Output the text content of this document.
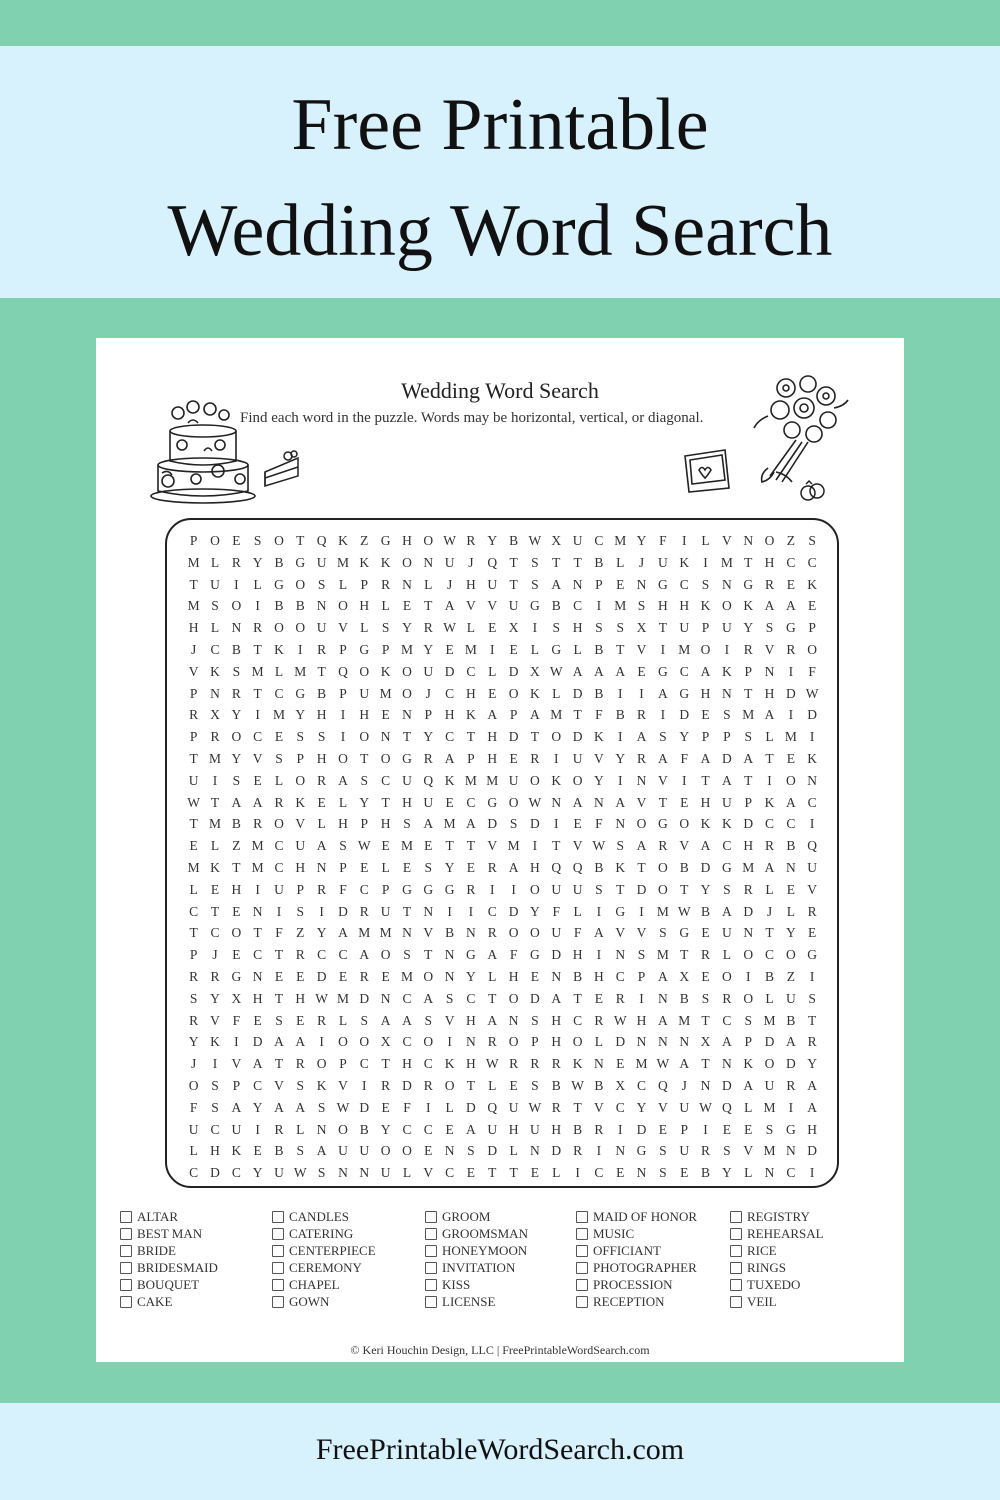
Free Printable
Wedding Word Search
Wedding Word Search
Find each word in the puzzle. Words may be horizontal, vertical, or diagonal.
P O E S O T Q K Z G H O W R Y B W X U C M Y F	I	L V N O Z S
M L R Y B G U M K K O N U	J	Q T S T T B L	J	U K	I M T H C C
T U	I	L G O S L P R N L	J	H U T S A N P E N G C S N G R E K
M S O	I	B B N O H L E T A V V U G B C	I M S H H K O K A A E
H L N R O O U V L S Y R W L E X	I	S H S	S X T U P U Y S G P
J	C B T K	I	R P G P M Y E M I	E L G L B T V	I M O	I	R V R O
V K S M L M T Q O K O U D C L D X W A A A E G C A K P N	I	F
P N R T C G B P U M O	J	C H E O K L D B	I	I	A G H N T H D W
R X Y	I M Y H	I	H E N P H K A P A M T F B R	I	D E S M A	I	D
P R O C E S	S	I	O N T Y C T H D T O D K	I	A S Y P	P	S L M I
T M Y V S	P H O T O G R A P H E R	I	U V Y R A F A D A T E K
U	I	S E L O R A S C U Q K M M U O K O Y	I	N V	I	T A T	I	O N
W T A A R K E L Y T H U E C G O W N A N A V T E H U P K A C
T M B R O V L H P H S A M A D S D	I	E F N O G O K K D C C	I
E L Z M C U A S W E M E T T V M I	T V W S A R V A C H R B Q
M K T M C H N P E L E S Y E R A H Q Q B K T O B D G M A N U
L E H	I	U P R F C P G G G R	I	I	O U U S T D O T Y S R L E V
C T E N	I	S	I	D R U T N	I	I	C D Y F L	I	G	I M W B A D	J	L R
T C O T F Z Y A M M N V B N R O O U F A V V S G E U N T Y E
P	J	E C T R C C A O S T N G A F G D H	I	N S M T R L O C O G
R R G N E E D E R E M O N Y L H E N B H C P A X E O	I	B Z	I
S Y X H T H W M D N C A S C T O D A T E R	I	N B S R O L U S
R V F E S E R L S A A S V H A N S H C R W H A M T C S M B T
Y K	I	D A A	I	O O X C O	I	N R O P H O L D N N N X A P D A R
J	I	V A T R O P C T H C K H W R R R K N E M W A T N K O D Y
O S	P C V S K V	I	R D R O T L E S B W B X C Q	J	N D A U R A
F	S A Y A A S W D E F	I	L D Q U W R T V C Y V U W Q L M I	A
U C U	I	R L N O B Y C C E A U H U H B R	I	D E P	I	E E S G H
L H K E B S A U U O O E N S D L N D R	I	N G S U R S V M N D
C D C Y U W S N N U L V C E T T E L	I	C E N S E B Y L N C	I
ALTAR
BEST MAN
BRIDE
BRIDESMAID
BOUQUET
CAKE
CANDLES
CATERING
CENTERPIECE
CEREMONY
CHAPEL
GOWN
GROOM
GROOMSMAN
HONEYMOON
INVITATION
KISS
LICENSE
MAID OF HONOR
MUSIC
OFFICIANT
PHOTOGRAPHER
PROCESSION
RECEPTION
REGISTRY
REHEARSAL
RICE
RINGS
TUXEDO
VEIL
© Keri Houchin Design, LLC | FreePrintableWordSearch.com
FreePrintableWordSearch.com
